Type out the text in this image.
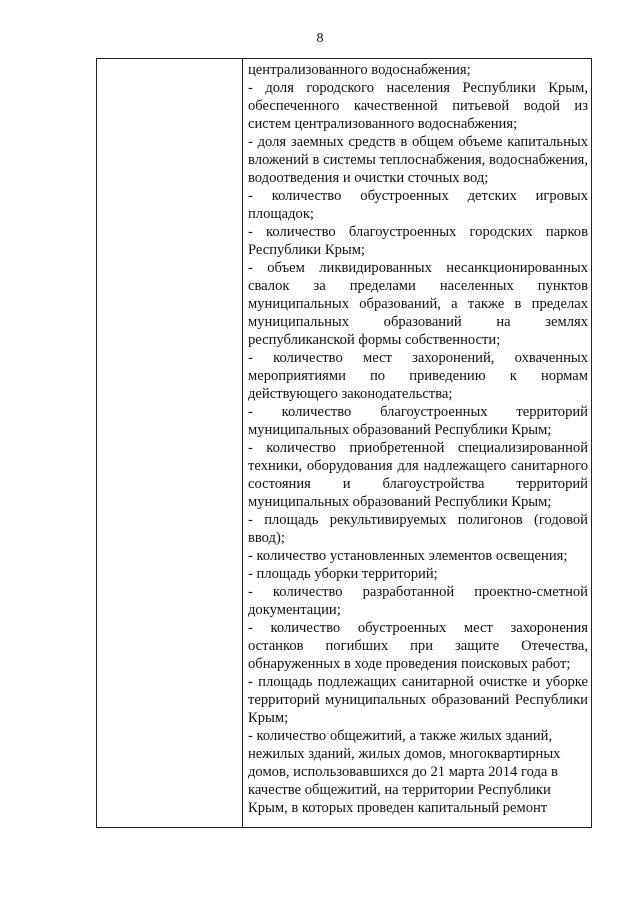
8

централизованного водоснабжения;

- доля городского населения Республики Крым, обеспеченного качественной питьевой водой из систем централизованного водоснабжения;

- доля заемных средств в общем объеме капитальных вложений в системы теплоснабжения, водоснабжения, водоотведения и очистки сточных вод;

- количество обустроенных детских игровых площадок;

- количество благоустроенных городских парков Республики Крым;

- объем ликвидированных несанкционированных свалок за пределами населенных пунктов муниципальных образований, а также в пределах муниципальных образований на землях республиканской формы собственности;

- количество мест захоронений, охваченных мероприятиями по приведению к нормам действующего законодательства;

- количество благоустроенных территорий муниципальных образований Республики Крым;

- количество приобретенной специализированной техники, оборудования для надлежащего санитарного состояния и благоустройства территорий муниципальных образований Республики Крым;

- площадь рекультивируемых полигонов (годовой ввод);

- количество установленных элементов освещения;

- площадь уборки территорий;

- количество разработанной проектно-сметной документации;

- количество обустроенных мест захоронения останков погибших при защите Отечества, обнаруженных в ходе проведения поисковых работ;

- площадь подлежащих санитарной очистке и уборке территорий муниципальных образований Республики Крым;

- количество общежитий, а также жилых зданий, нежилых зданий, жилых домов, многоквартирных домов, использовавшихся до 21 марта 2014 года в качестве общежитий, на территории Республики Крым, в которых проведен капитальный ремонт
